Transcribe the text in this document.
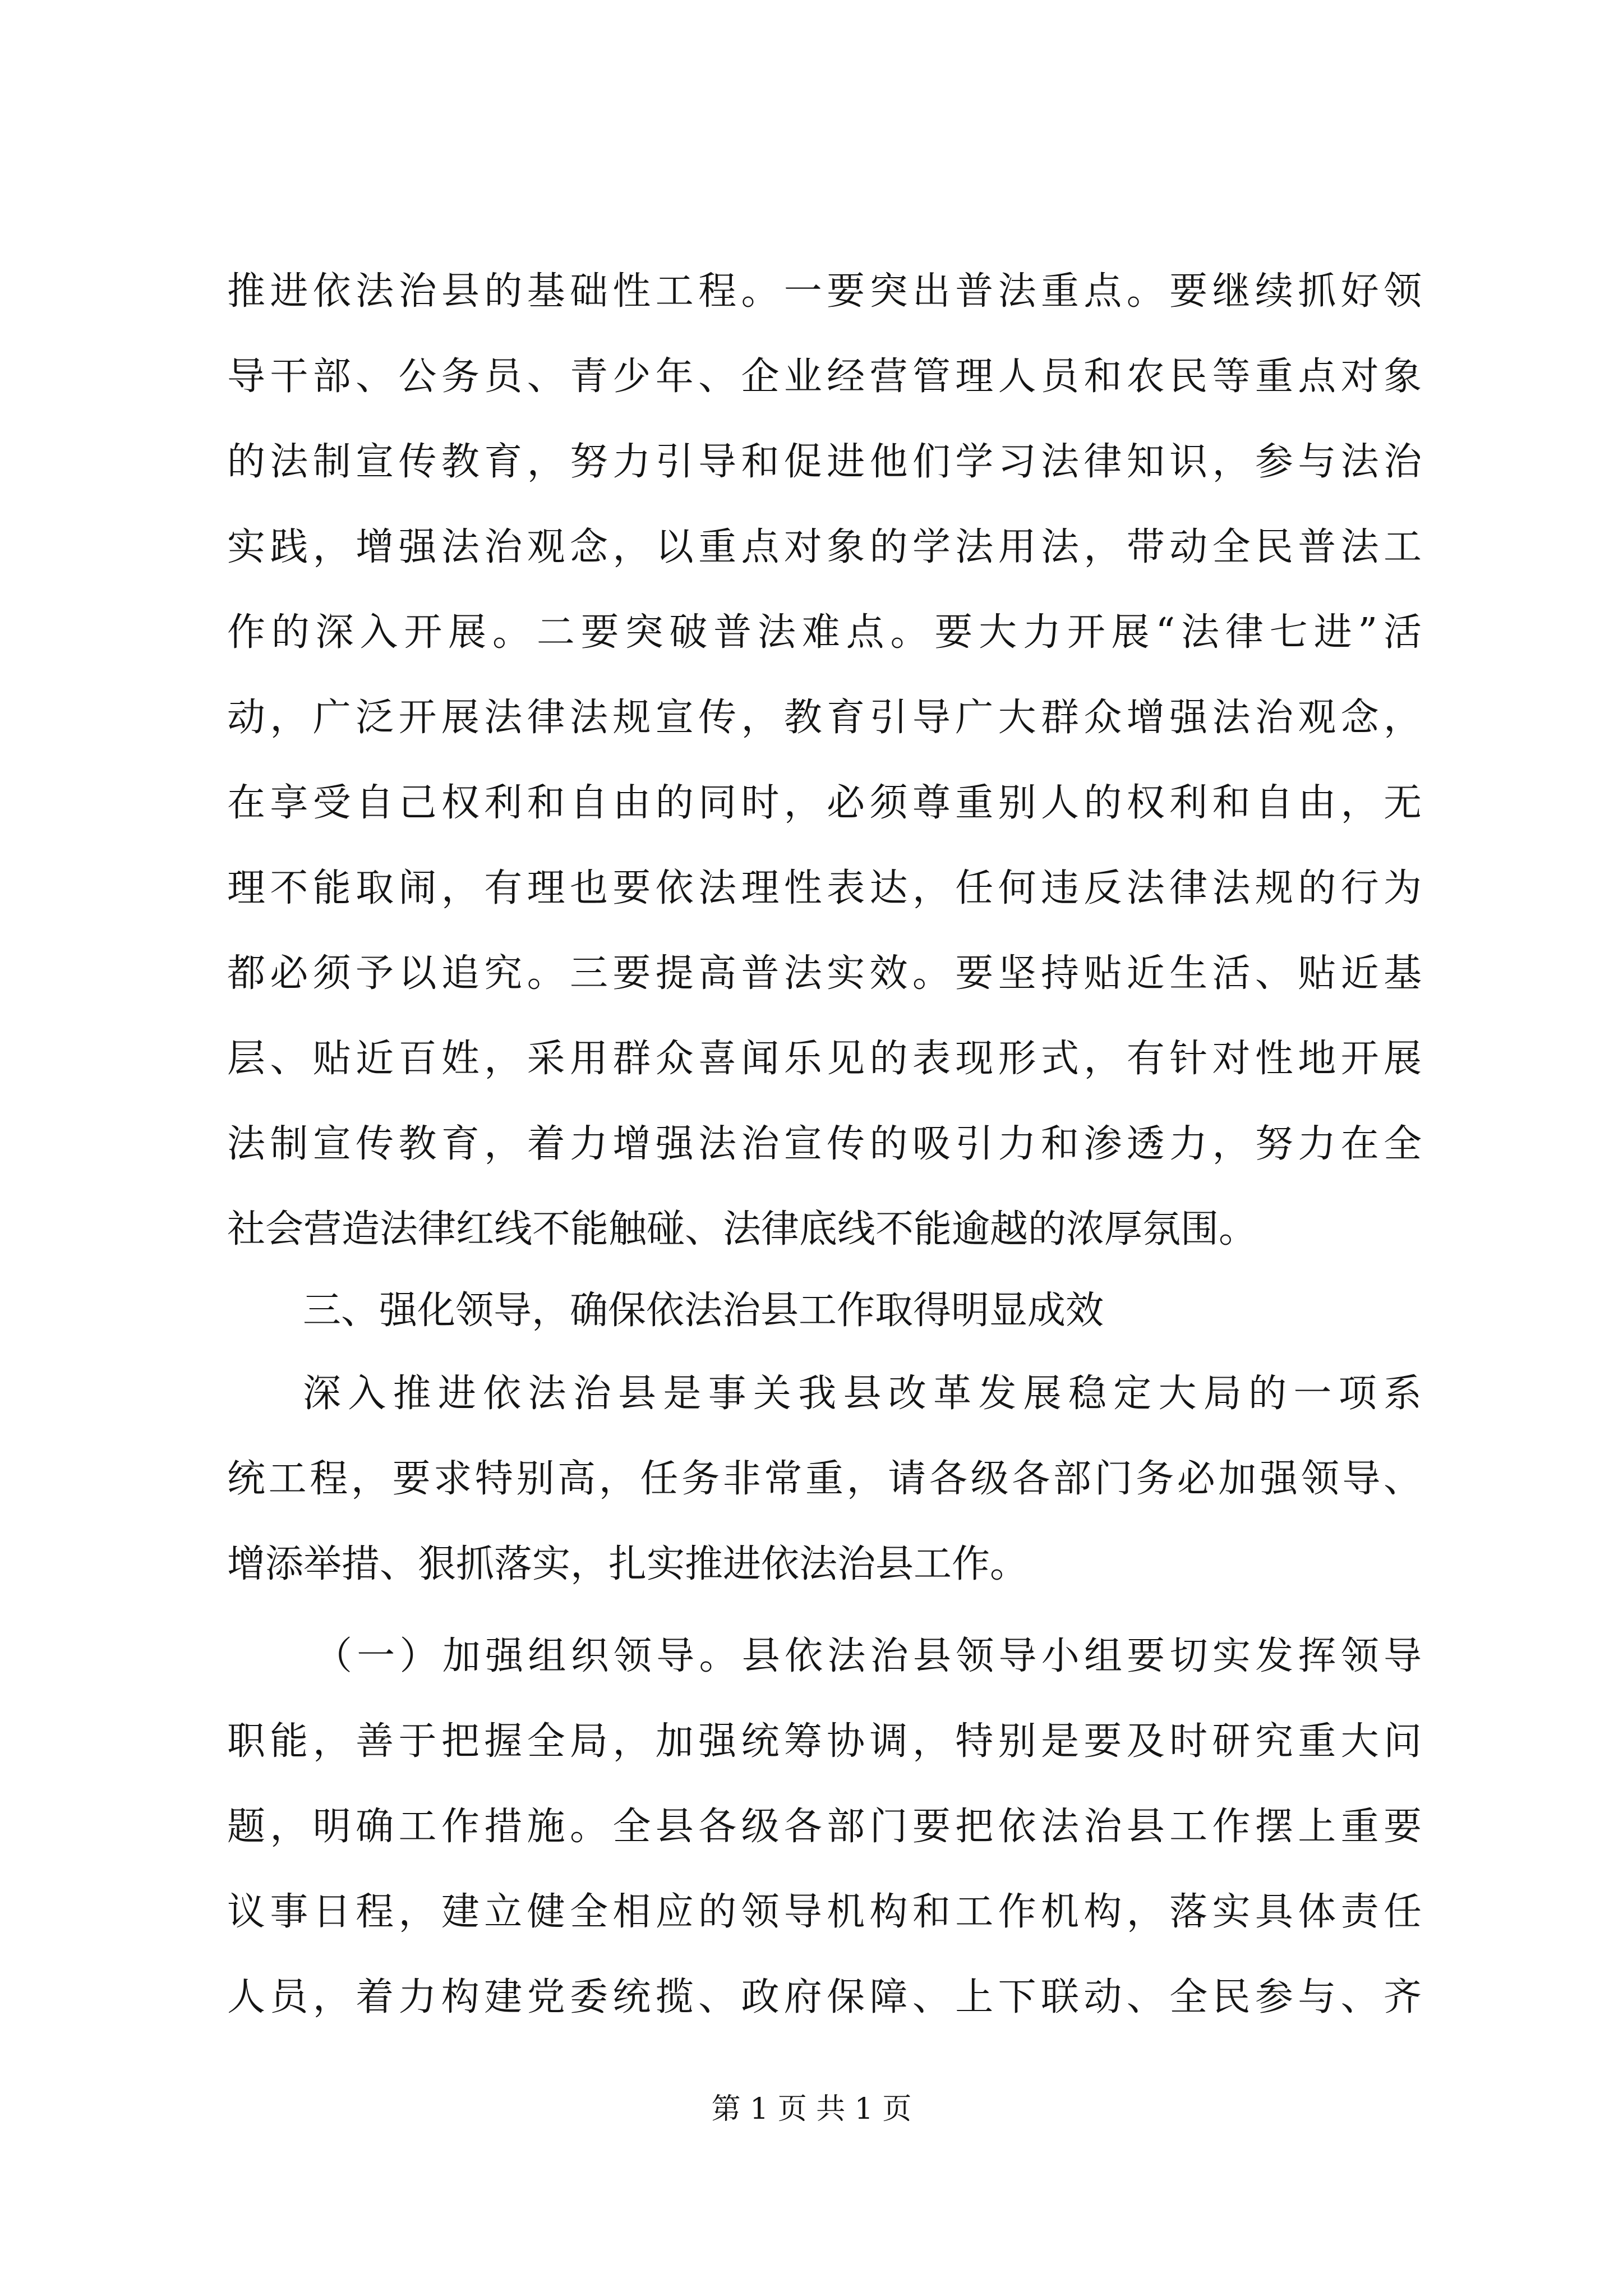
推进依法治县的基础性工程。一要突出普法重点。要继续抓好领

导干部、公务员、青少年、企业经营管理人员和农民等重点对象

的法制宣传教育，努力引导和促进他们学习法律知识，参与法治

实践，增强法治观念，以重点对象的学法用法，带动全民普法工

作的深入开展。二要突破普法难点。要大力开展“法律七进”活

动，广泛开展法律法规宣传，教育引导广大群众增强法治观念，

在享受自己权利和自由的同时，必须尊重别人的权利和自由，无

理不能取闹，有理也要依法理性表达，任何违反法律法规的行为

都必须予以追究。三要提高普法实效。要坚持贴近生活、贴近基

层、贴近百姓，采用群众喜闻乐见的表现形式，有针对性地开展

法制宣传教育，着力增强法治宣传的吸引力和渗透力，努力在全

社会营造法律红线不能触碰、法律底线不能逾越的浓厚氛围。

三、强化领导，确保依法治县工作取得明显成效

深入推进依法治县是事关我县改革发展稳定大局的一项系

统工程，要求特别高，任务非常重，请各级各部门务必加强领导、

增添举措、狠抓落实，扎实推进依法治县工作。

（一）加强组织领导。县依法治县领导小组要切实发挥领导

职能，善于把握全局，加强统筹协调，特别是要及时研究重大问

题，明确工作措施。全县各级各部门要把依法治县工作摆上重要

议事日程，建立健全相应的领导机构和工作机构，落实具体责任

人员，着力构建党委统揽、政府保障、上下联动、全民参与、齐

第 1 页 共 1 页
